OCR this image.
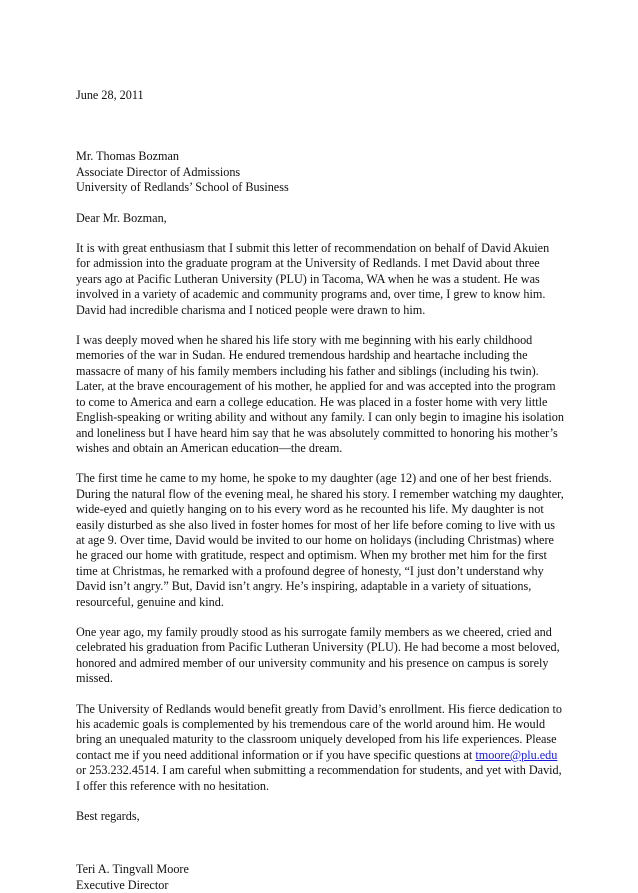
June 28, 2011

Mr. Thomas Bozman
Associate Director of Admissions
University of Redlands’ School of Business

Dear Mr. Bozman,

It is with great enthusiasm that I submit this letter of recommendation on behalf of David Akuien for admission into the graduate program at the University of Redlands. I met David about three years ago at Pacific Lutheran University (PLU) in Tacoma, WA when he was a student. He was involved in a variety of academic and community programs and, over time, I grew to know him. David had incredible charisma and I noticed people were drawn to him.

I was deeply moved when he shared his life story with me beginning with his early childhood memories of the war in Sudan. He endured tremendous hardship and heartache including the massacre of many of his family members including his father and siblings (including his twin). Later, at the brave encouragement of his mother, he applied for and was accepted into the program to come to America and earn a college education. He was placed in a foster home with very little English-speaking or writing ability and without any family. I can only begin to imagine his isolation and loneliness but I have heard him say that he was absolutely committed to honoring his mother’s wishes and obtain an American education—the dream.

The first time he came to my home, he spoke to my daughter (age 12) and one of her best friends. During the natural flow of the evening meal, he shared his story. I remember watching my daughter, wide-eyed and quietly hanging on to his every word as he recounted his life. My daughter is not easily disturbed as she also lived in foster homes for most of her life before coming to live with us at age 9. Over time, David would be invited to our home on holidays (including Christmas) where he graced our home with gratitude, respect and optimism. When my brother met him for the first time at Christmas, he remarked with a profound degree of honesty, “I just don’t understand why David isn’t angry.” But, David isn’t angry. He’s inspiring, adaptable in a variety of situations, resourceful, genuine and kind.

One year ago, my family proudly stood as his surrogate family members as we cheered, cried and celebrated his graduation from Pacific Lutheran University (PLU). He had become a most beloved, honored and admired member of our university community and his presence on campus is sorely missed.

The University of Redlands would benefit greatly from David’s enrollment. His fierce dedication to his academic goals is complemented by his tremendous care of the world around him. He would bring an unequaled maturity to the classroom uniquely developed from his life experiences. Please contact me if you need additional information or if you have specific questions at tmoore@plu.edu or 253.232.4514. I am careful when submitting a recommendation for students, and yet with David, I offer this reference with no hesitation.

Best regards,

Teri A. Tingvall Moore
Executive Director
